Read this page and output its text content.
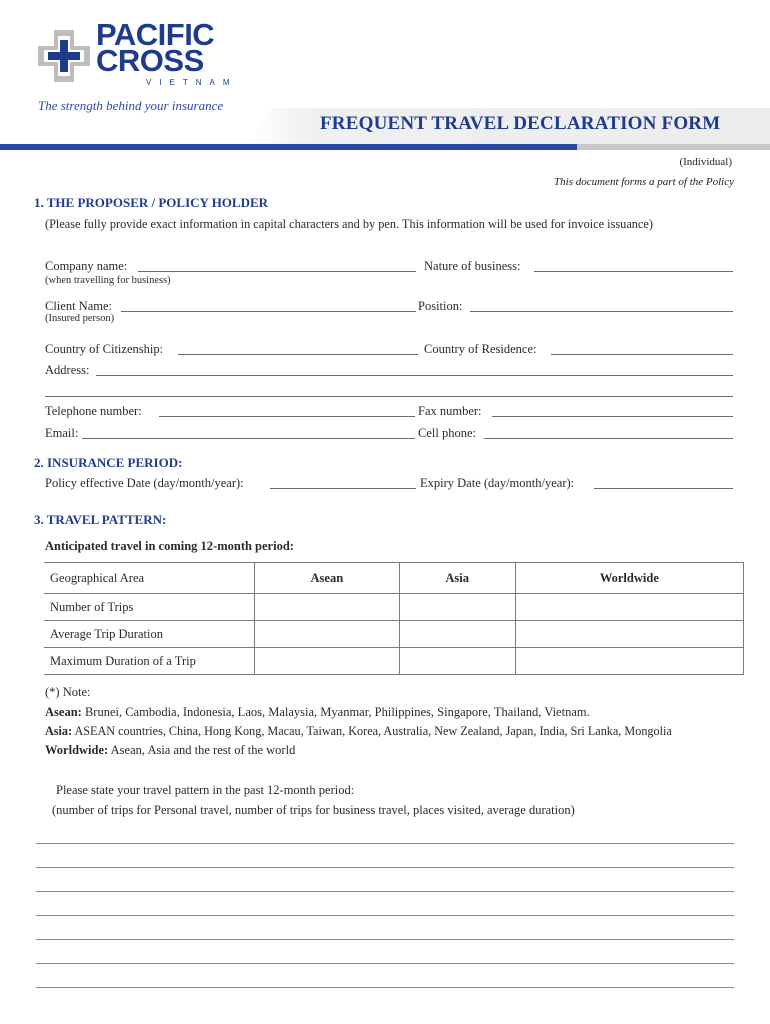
PACIFIC
CROSS
VIETNAM
The strength behind your insurance
FREQUENT TRAVEL DECLARATION FORM
(Individual)
This document forms a part of the Policy
1. THE PROPOSER / POLICY HOLDER
(Please fully provide exact information in capital characters and by pen. This information will be used for invoice issuance)
Company name:
(when travelling for business)
Nature of business:
Client Name:
(Insured person)
Position:
Country of Citizenship:	Country of Residence:
Address:
Telephone number:	Fax number:
Email:	Cell phone:
2. INSURANCE PERIOD:
Policy effective Date (day/month/year):	Expiry Date (day/month/year):
3. TRAVEL PATTERN:
Anticipated travel in coming 12-month period:
Geographical Area	Asean	Asia	Worldwide
Number of Trips			
Average Trip Duration			
Maximum Duration of a Trip			
(*) Note:
Asean: Brunei, Cambodia, Indonesia, Laos, Malaysia, Myanmar, Philippines, Singapore, Thailand, Vietnam.
Asia: ASEAN countries, China, Hong Kong, Macau, Taiwan, Korea, Australia, New Zealand, Japan, India, Sri Lanka, Mongolia
Worldwide: Asean, Asia and the rest of the world
Please state your travel pattern in the past 12-month period:
(number of trips for Personal travel, number of trips for business travel, places visited, average duration)
